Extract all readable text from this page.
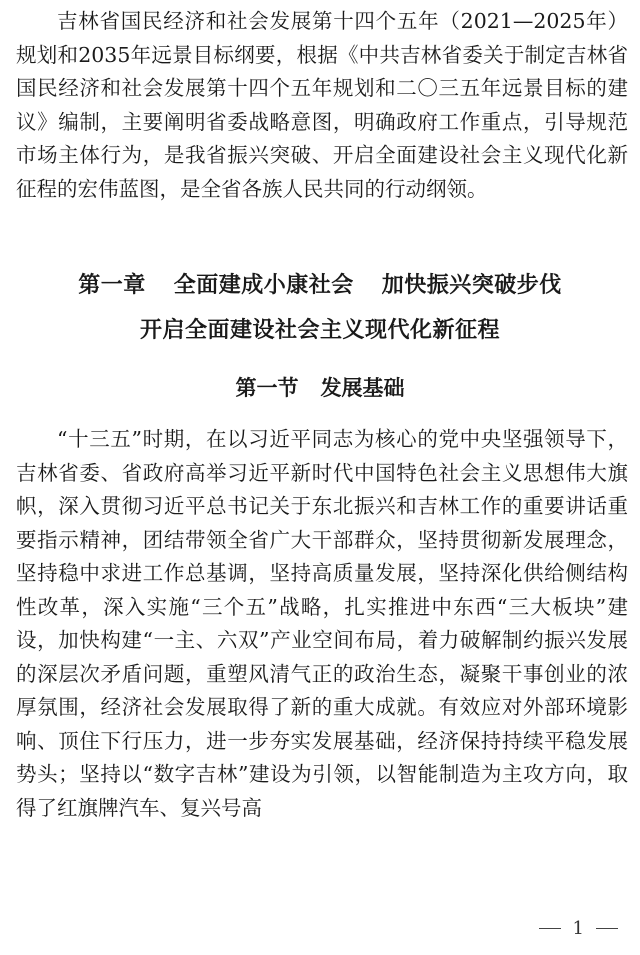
吉林省国民经济和社会发展第十四个五年（2021—2025年）规划和2035年远景目标纲要，根据《中共吉林省委关于制定吉林省国民经济和社会发展第十四个五年规划和二〇三五年远景目标的建议》编制，主要阐明省委战略意图，明确政府工作重点，引导规范市场主体行为，是我省振兴突破、开启全面建设社会主义现代化新征程的宏伟蓝图，是全省各族人民共同的行动纲领。

第一章 全面建成小康社会 加快振兴突破步伐
开启全面建设社会主义现代化新征程
第一节 发展基础

“十三五”时期，在以习近平同志为核心的党中央坚强领导下，吉林省委、省政府高举习近平新时代中国特色社会主义思想伟大旗帜，深入贯彻习近平总书记关于东北振兴和吉林工作的重要讲话重要指示精神，团结带领全省广大干部群众，坚持贯彻新发展理念，坚持稳中求进工作总基调，坚持高质量发展，坚持深化供给侧结构性改革，深入实施“三个五”战略，扎实推进中东西“三大板块”建设，加快构建“一主、六双”产业空间布局，着力破解制约振兴发展的深层次矛盾问题，重塑风清气正的政治生态，凝聚干事创业的浓厚氛围，经济社会发展取得了新的重大成就。有效应对外部环境影响、顶住下行压力，进一步夯实发展基础，经济保持持续平稳发展势头；坚持以“数字吉林”建设为引领，以智能制造为主攻方向，取得了红旗牌汽车、复兴号高

1
